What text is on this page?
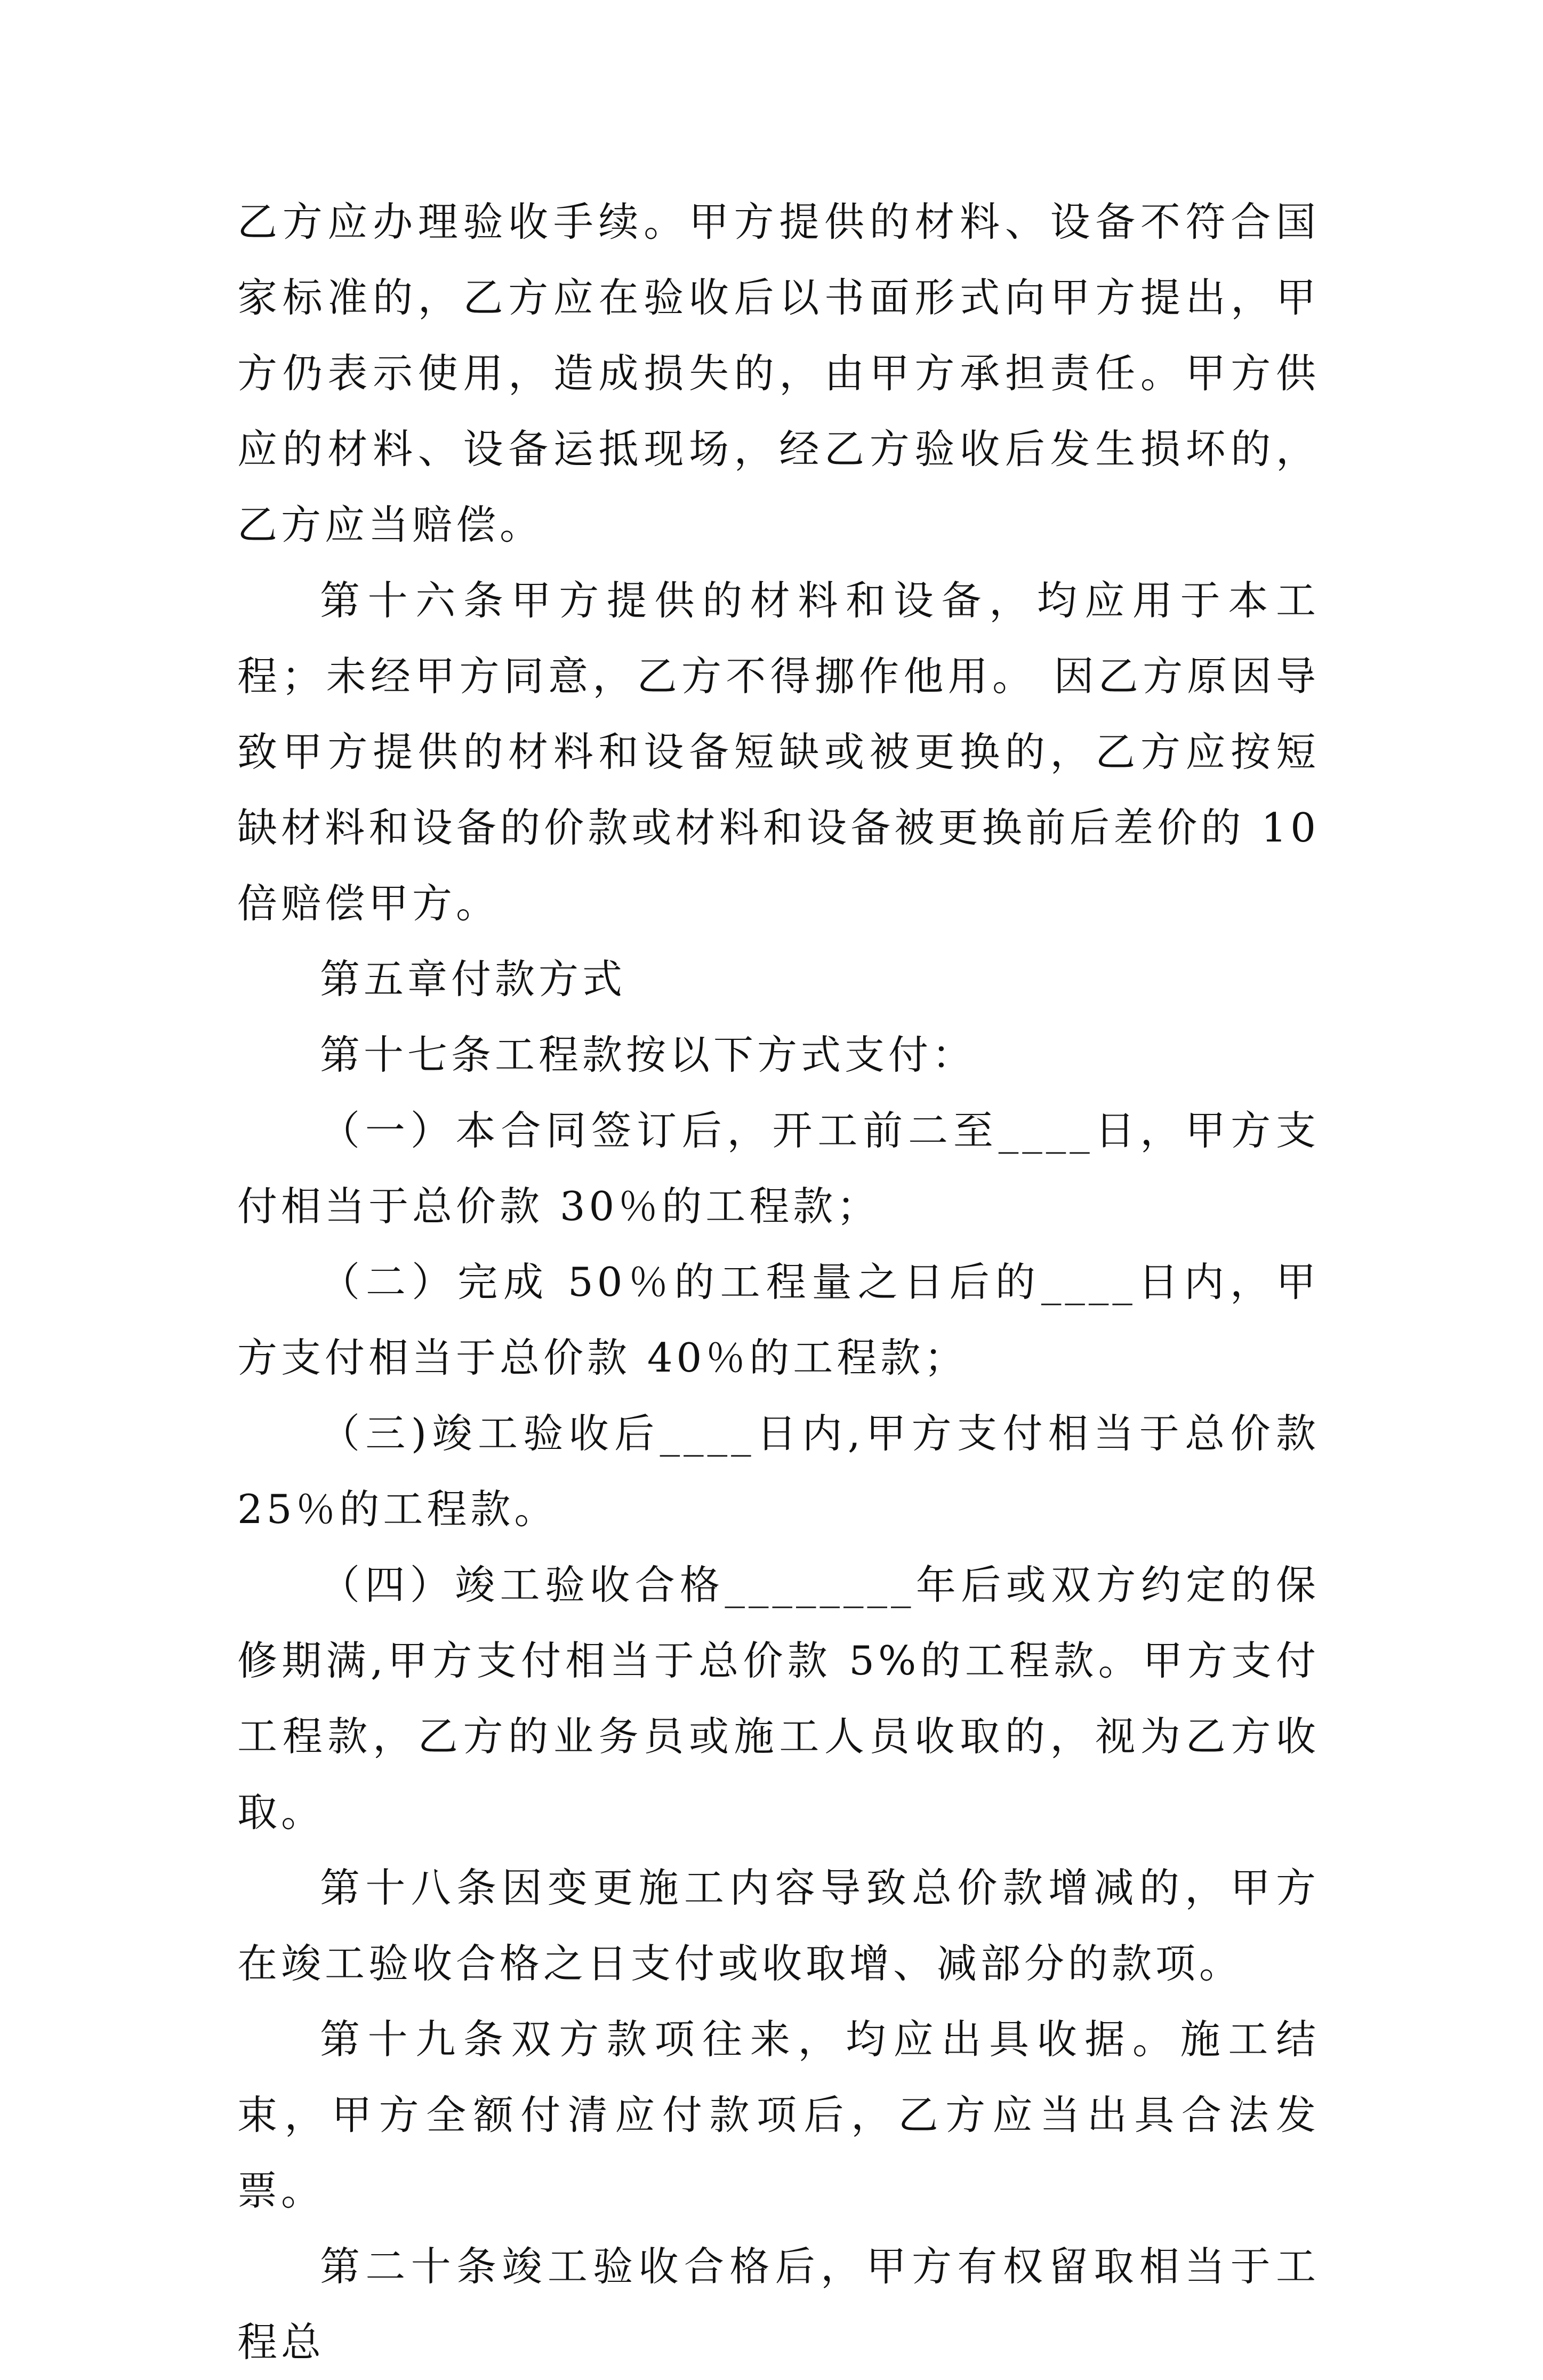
乙方应办理验收手续。甲方提供的材料、设备不符合国家标准的，乙方应在验收后以书面形式向甲方提出，甲方仍表示使用，造成损失的，由甲方承担责任。甲方供应的材料、设备运抵现场，经乙方验收后发生损坏的，乙方应当赔偿。

第十六条甲方提供的材料和设备，均应用于本工程；未经甲方同意，乙方不得挪作他用。 因乙方原因导致甲方提供的材料和设备短缺或被更换的，乙方应按短缺材料和设备的价款或材料和设备被更换前后差价的 10 倍赔偿甲方。

第五章付款方式

第十七条工程款按以下方式支付：

（一）本合同签订后，开工前二至____日，甲方支付相当于总价款 30％的工程款；

（二）完成 50％的工程量之日后的____日内，甲方支付相当于总价款 40％的工程款；

（三)竣工验收后____日内,甲方支付相当于总价款25％的工程款。

（四）竣工验收合格________年后或双方约定的保修期满,甲方支付相当于总价款 5%的工程款。甲方支付工程款，乙方的业务员或施工人员收取的，视为乙方收取。

第十八条因变更施工内容导致总价款增减的，甲方在竣工验收合格之日支付或收取增、减部分的款项。

第十九条双方款项往来，均应出具收据。施工结束，甲方全额付清应付款项后，乙方应当出具合法发票。

第二十条竣工验收合格后，甲方有权留取相当于工程总
